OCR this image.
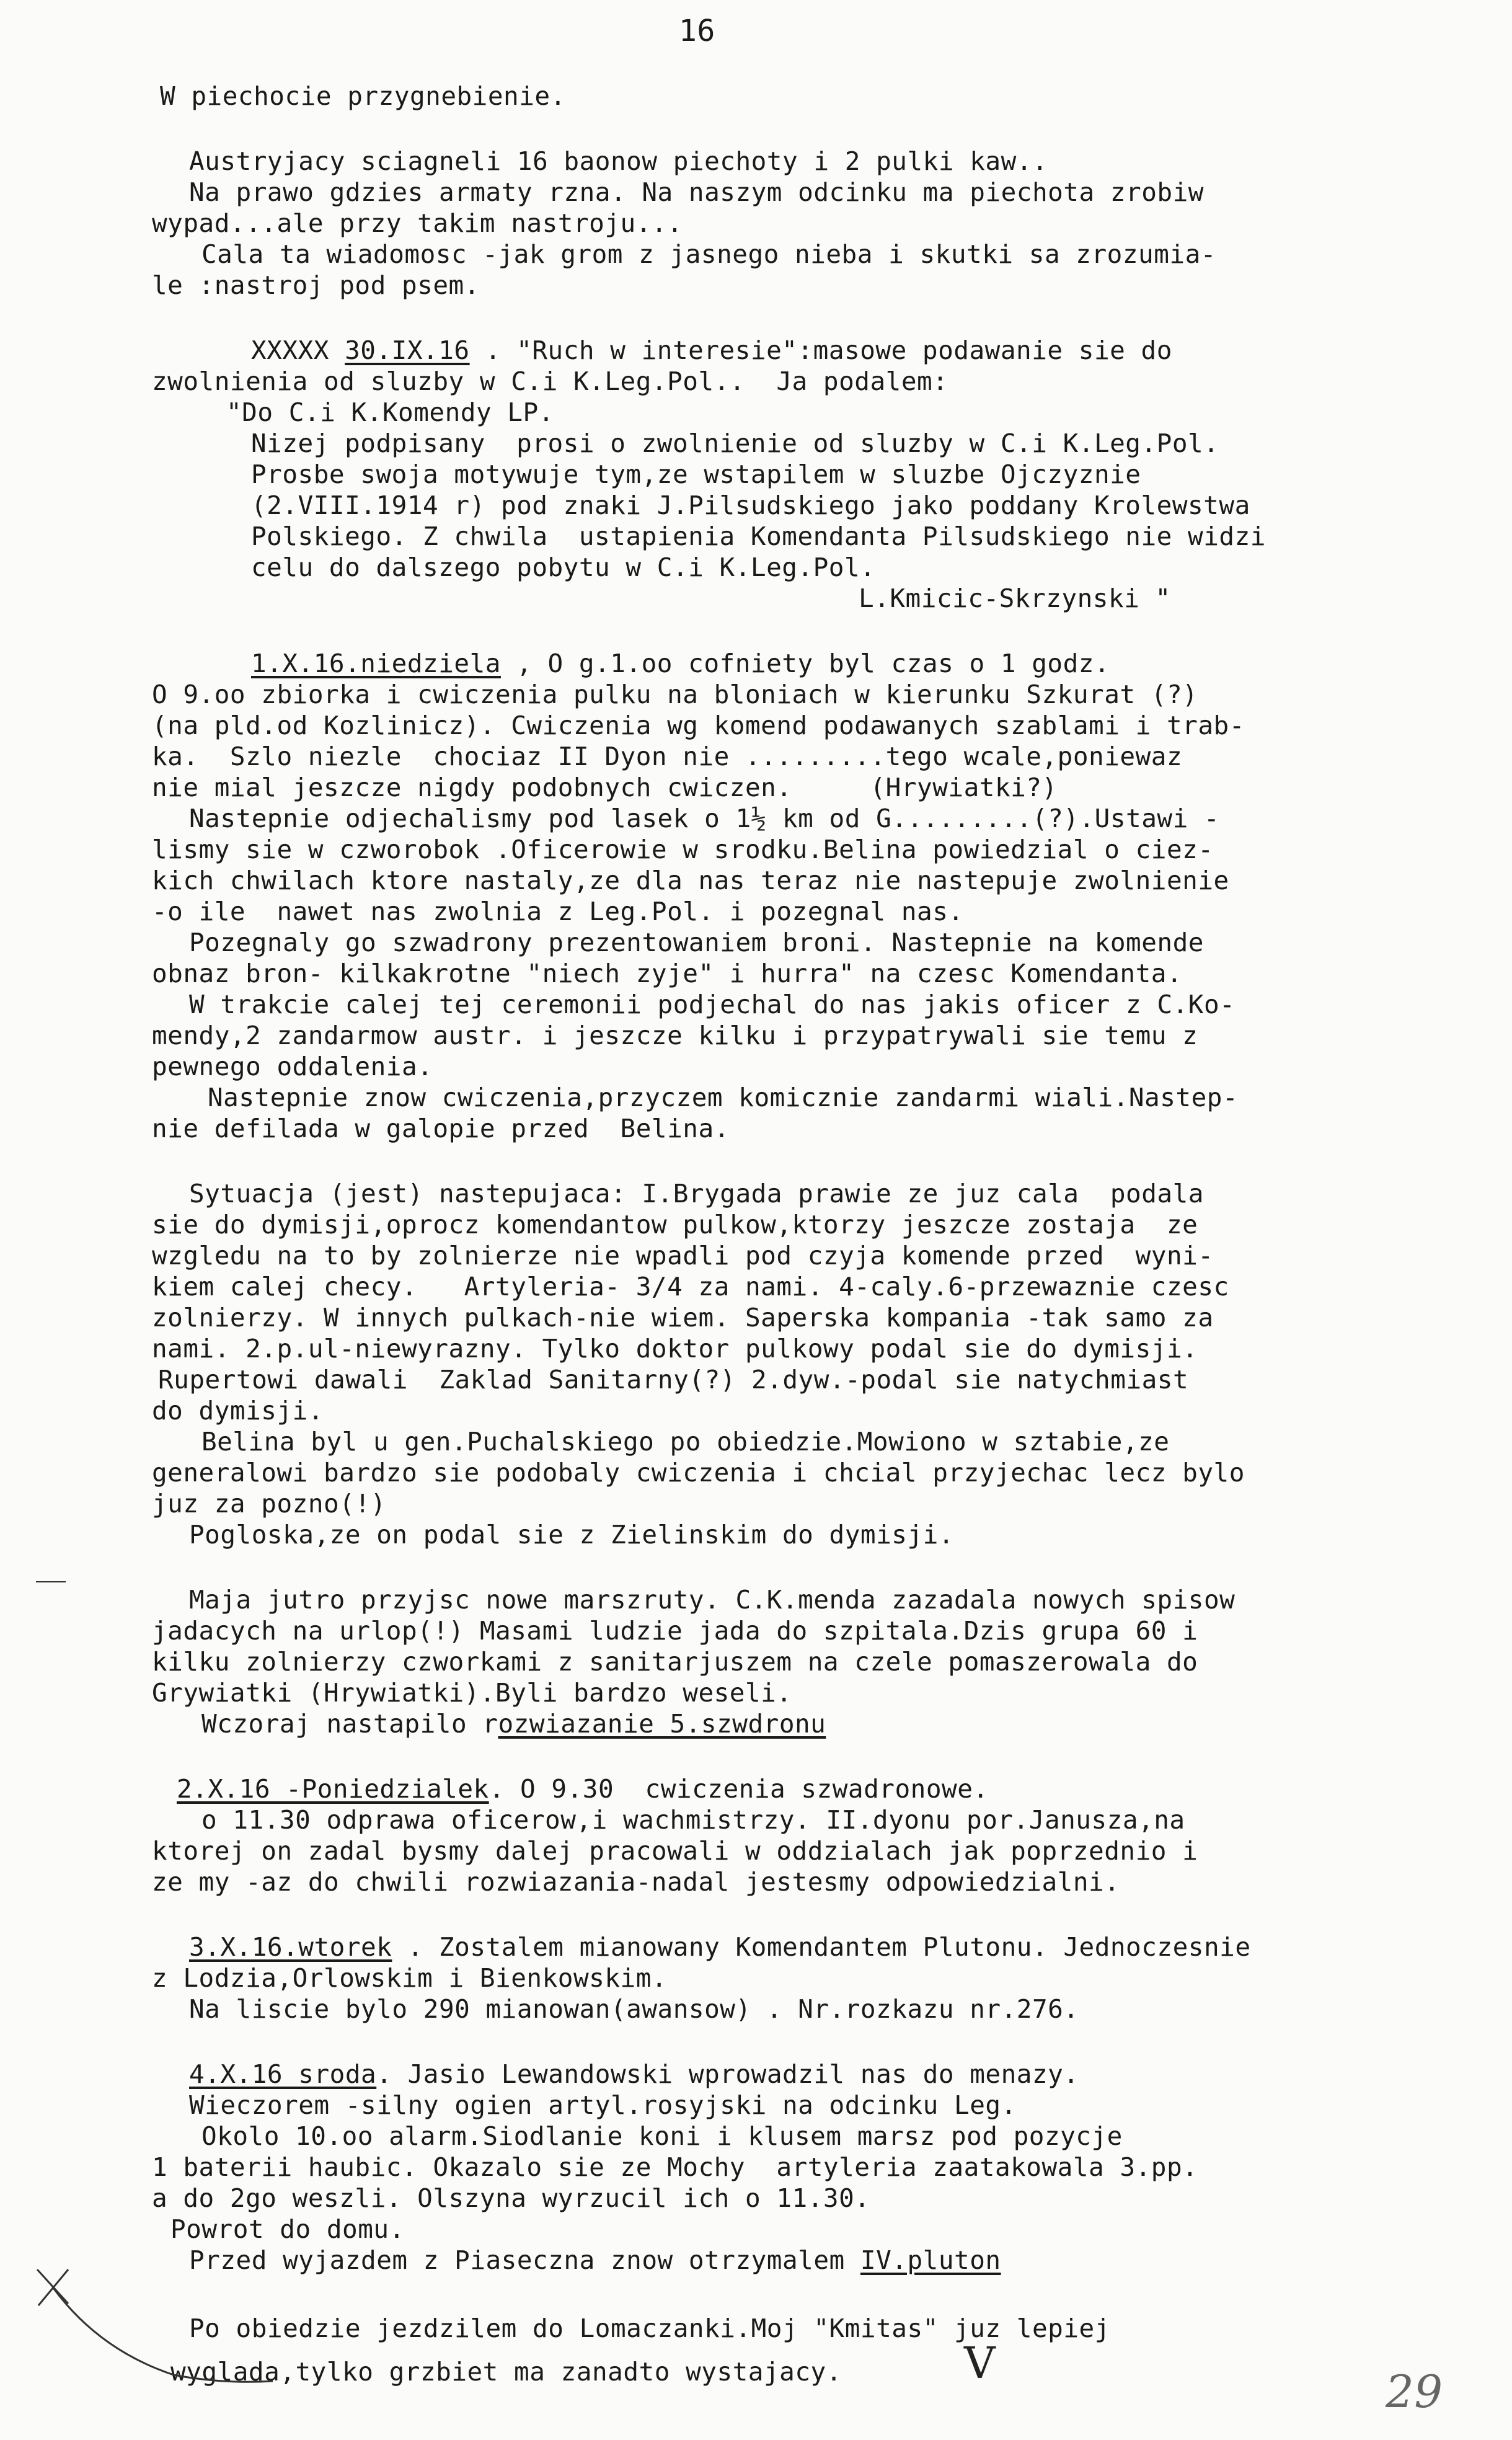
16
W piechocie przygnebienie.
Austryjacy sciagneli 16 baonow piechoty i 2 pulki kaw..
Na prawo gdzies armaty rzna. Na naszym odcinku ma piechota zrobiw
wypad...ale przy takim nastroju...
Cala ta wiadomosc -jak grom z jasnego nieba i skutki sa zrozumia-
le :nastroj pod psem.
XXXXX 30.IX.16 . "Ruch w interesie":masowe podawanie sie do
zwolnienia od sluzby w C.i K.Leg.Pol..  Ja podalem:
"Do C.i K.Komendy LP.
Nizej podpisany  prosi o zwolnienie od sluzby w C.i K.Leg.Pol.
Prosbe swoja motywuje tym,ze wstapilem w sluzbe Ojczyznie
(2.VIII.1914 r) pod znaki J.Pilsudskiego jako poddany Krolewstwa
Polskiego. Z chwila  ustapienia Komendanta Pilsudskiego nie widzi
celu do dalszego pobytu w C.i K.Leg.Pol.
L.Kmicic-Skrzynski "
1.X.16.niedziela , O g.1.oo cofniety byl czas o 1 godz.
O 9.oo zbiorka i cwiczenia pulku na bloniach w kierunku Szkurat (?)
(na pld.od Kozlinicz). Cwiczenia wg komend podawanych szablami i trab-
ka.  Szlo niezle  chociaz II Dyon nie .........tego wcale,poniewaz
nie mial jeszcze nigdy podobnych cwiczen.     (Hrywiatki?)
Nastepnie odjechalismy pod lasek o 1½ km od G.........(?).Ustawi -
lismy sie w czworobok .Oficerowie w srodku.Belina powiedzial o ciez-
kich chwilach ktore nastaly,ze dla nas teraz nie nastepuje zwolnienie
-o ile  nawet nas zwolnia z Leg.Pol. i pozegnal nas.
Pozegnaly go szwadrony prezentowaniem broni. Nastepnie na komende
obnaz bron- kilkakrotne "niech zyje" i hurra" na czesc Komendanta.
W trakcie calej tej ceremonii podjechal do nas jakis oficer z C.Ko-
mendy,2 zandarmow austr. i jeszcze kilku i przypatrywali sie temu z
pewnego oddalenia.
Nastepnie znow cwiczenia,przyczem komicznie zandarmi wiali.Nastep-
nie defilada w galopie przed  Belina.
Sytuacja (jest) nastepujaca: I.Brygada prawie ze juz cala  podala
sie do dymisji,oprocz komendantow pulkow,ktorzy jeszcze zostaja  ze
wzgledu na to by zolnierze nie wpadli pod czyja komende przed  wyni-
kiem calej checy.   Artyleria- 3/4 za nami. 4-caly.6-przewaznie czesc
zolnierzy. W innych pulkach-nie wiem. Saperska kompania -tak samo za
nami. 2.p.ul-niewyrazny. Tylko doktor pulkowy podal sie do dymisji.
Rupertowi dawali  Zaklad Sanitarny(?) 2.dyw.-podal sie natychmiast
do dymisji.
Belina byl u gen.Puchalskiego po obiedzie.Mowiono w sztabie,ze
generalowi bardzo sie podobaly cwiczenia i chcial przyjechac lecz bylo
juz za pozno(!)
Pogloska,ze on podal sie z Zielinskim do dymisji.
Maja jutro przyjsc nowe marszruty. C.K.menda zazadala nowych spisow
jadacych na urlop(!) Masami ludzie jada do szpitala.Dzis grupa 60 i
kilku zolnierzy czworkami z sanitarjuszem na czele pomaszerowala do
Grywiatki (Hrywiatki).Byli bardzo weseli.
Wczoraj nastapilo rozwiazanie 5.szwdronu
2.X.16 -Poniedzialek. O 9.30  cwiczenia szwadronowe.
o 11.30 odprawa oficerow,i wachmistrzy. II.dyonu por.Janusza,na
ktorej on zadal bysmy dalej pracowali w oddzialach jak poprzednio i
ze my -az do chwili rozwiazania-nadal jestesmy odpowiedzialni.
3.X.16.wtorek . Zostalem mianowany Komendantem Plutonu. Jednoczesnie
z Lodzia,Orlowskim i Bienkowskim.
Na liscie bylo 290 mianowan(awansow) . Nr.rozkazu nr.276.
4.X.16 sroda. Jasio Lewandowski wprowadzil nas do menazy.
Wieczorem -silny ogien artyl.rosyjski na odcinku Leg.
Okolo 10.oo alarm.Siodlanie koni i klusem marsz pod pozycje
1 baterii haubic. Okazalo sie ze Mochy  artyleria zaatakowala 3.pp.
a do 2go weszli. Olszyna wyrzucil ich o 11.30.
Powrot do domu.
Przed wyjazdem z Piaseczna znow otrzymalem IV.pluton
Po obiedzie jezdzilem do Lomaczanki.Moj "Kmitas" juz lepiej
wyglada,tylko grzbiet ma zanadto wystajacy.	V
29
